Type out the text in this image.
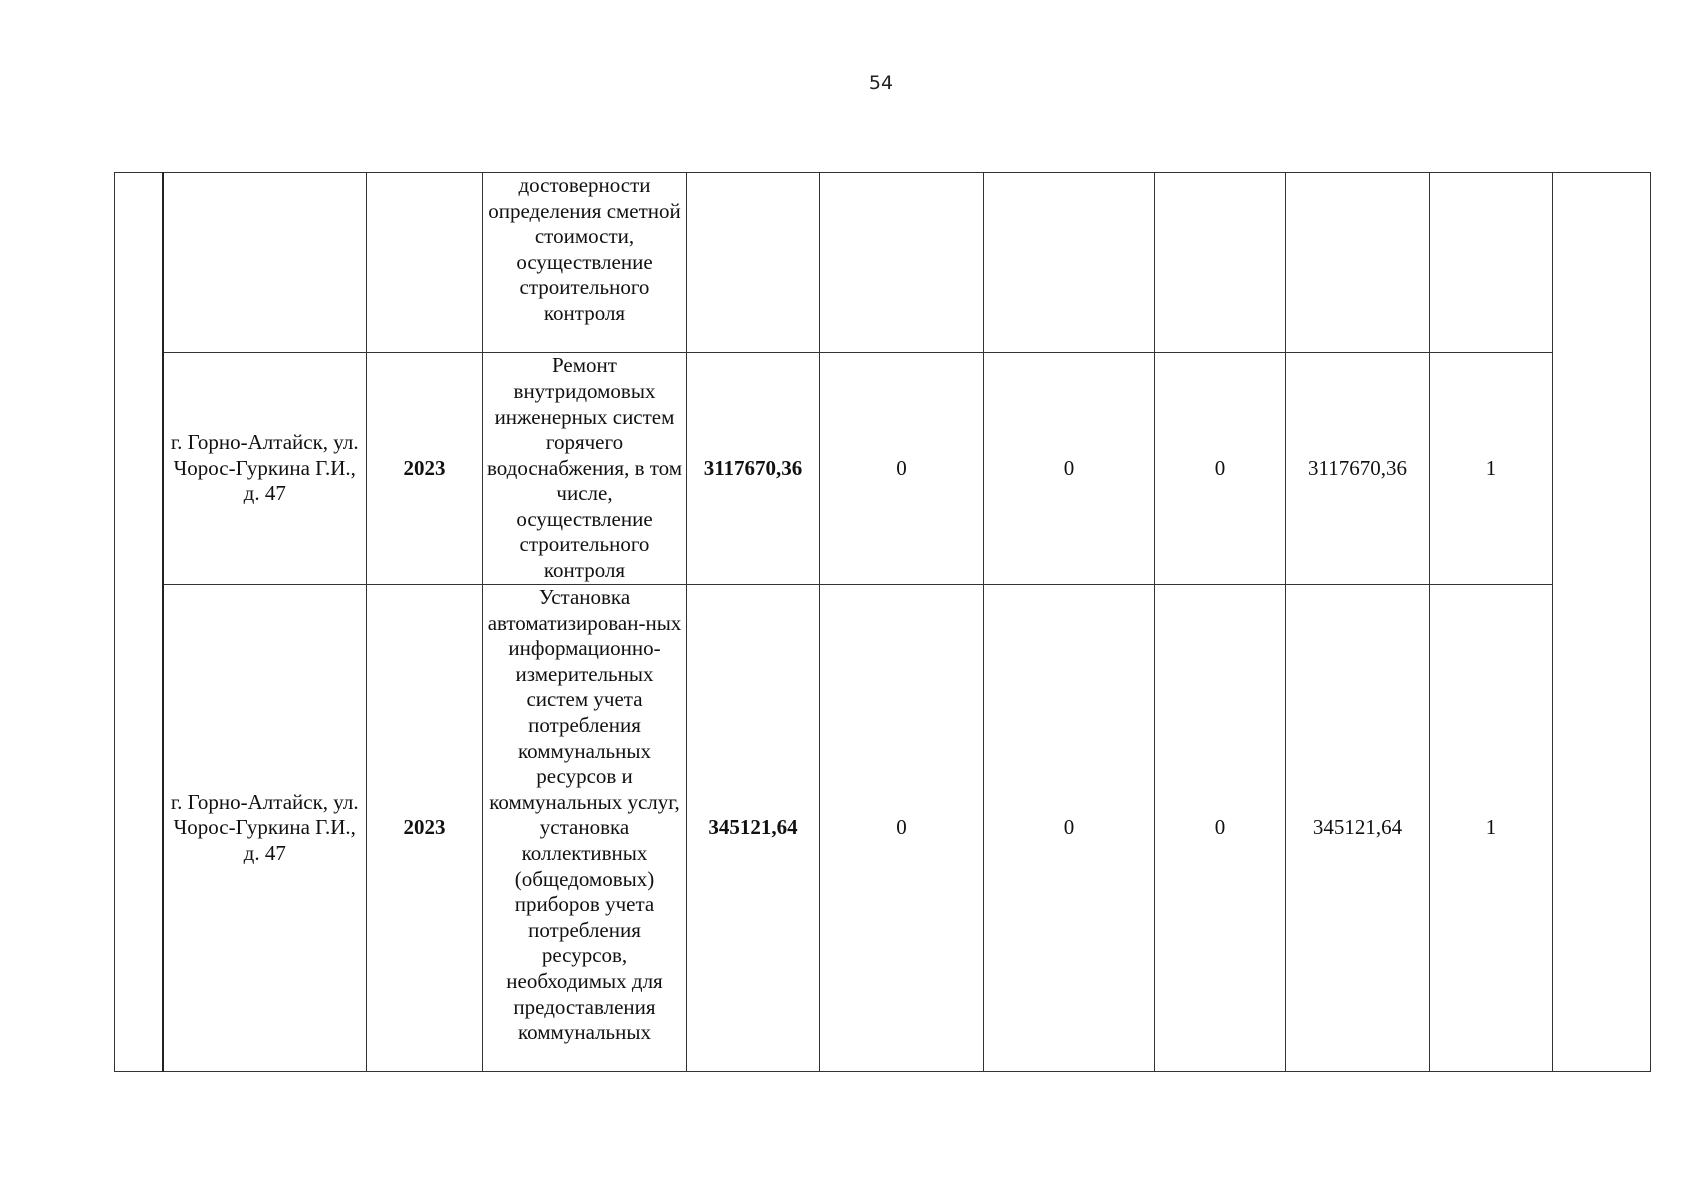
54

			достоверности определения сметной стоимости, осуществление строительного контроля							

	г. Горно-Алтайск, ул. Чорос-Гуркина Г.И., д. 47	2023	Ремонт внутридомовых инженерных систем горячего водоснабжения, в том числе, осуществление строительного контроля	3117670,36	0	0	0	3117670,36	1	

	г. Горно-Алтайск, ул. Чорос-Гуркина Г.И., д. 47	2023	Установка автоматизирован-ных информационно-измерительных систем учета потребления коммунальных ресурсов и коммунальных услуг, установка коллективных (общедомовых) приборов учета потребления ресурсов, необходимых для предоставления коммунальных	345121,64	0	0	0	345121,64	1	
